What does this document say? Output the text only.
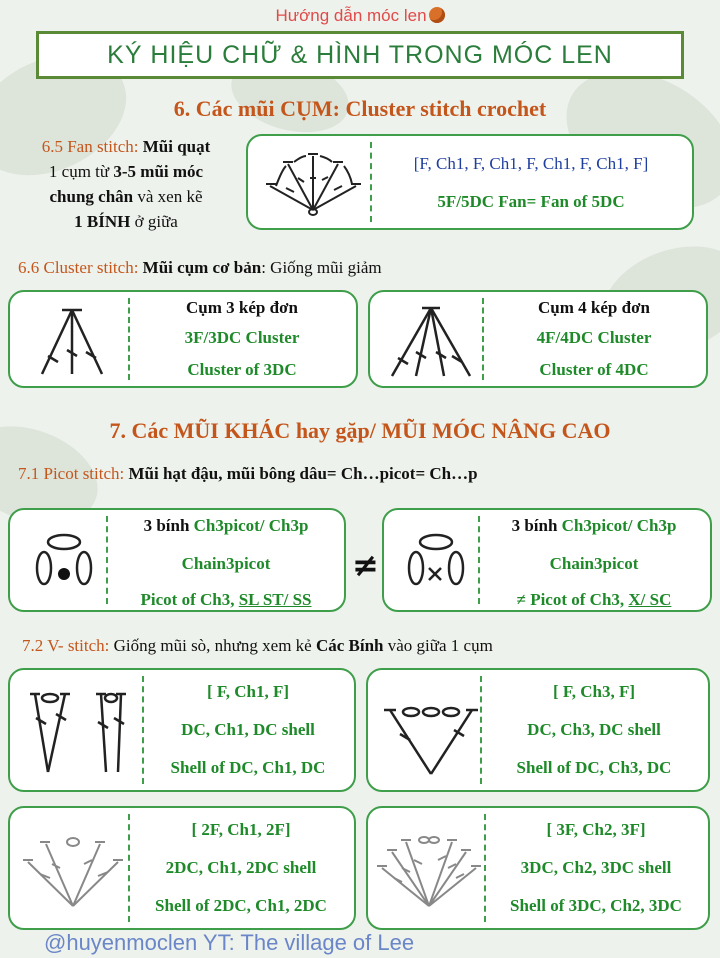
Hướng dẫn móc len
KÝ HIỆU CHỮ & HÌNH TRONG MÓC LEN
6. Các mũi CỤM: Cluster stitch crochet
6.5 Fan stitch: Mũi quạt
1 cụm từ 3-5 mũi móc
chung chân và xen kẽ
1 BÍNH ở giữa
[F, Ch1, F, Ch1, F, Ch1, F, Ch1, F]
5F/5DC Fan= Fan of 5DC
6.6 Cluster stitch: Mũi cụm cơ bản: Giống mũi giảm
Cụm 3 kép đơn
3F/3DC Cluster
Cluster of 3DC
Cụm 4 kép đơn
4F/4DC Cluster
Cluster of 4DC
7. Các MŨI KHÁC hay gặp/ MŨI MÓC NÂNG CAO
7.1 Picot stitch: Mũi hạt đậu, mũi bông dâu= Ch…picot= Ch…p
3 bính Ch3picot/ Ch3p
Chain3picot
Picot of Ch3, SL ST/ SS
≠
3 bính Ch3picot/ Ch3p
Chain3picot
≠ Picot of Ch3, X/ SC
7.2 V- stitch: Giống mũi sò, nhưng xem kẻ Các Bính vào giữa 1 cụm
[ F, Ch1, F]
DC, Ch1, DC shell
Shell of DC, Ch1, DC
[ F, Ch3, F]
DC, Ch3, DC shell
Shell of DC, Ch3, DC
[ 2F, Ch1, 2F]
2DC, Ch1, 2DC shell
Shell of 2DC, Ch1, 2DC
[ 3F, Ch2, 3F]
3DC, Ch2, 3DC shell
Shell of 3DC, Ch2, 3DC
@huyenmoclen YT: The village of Lee
